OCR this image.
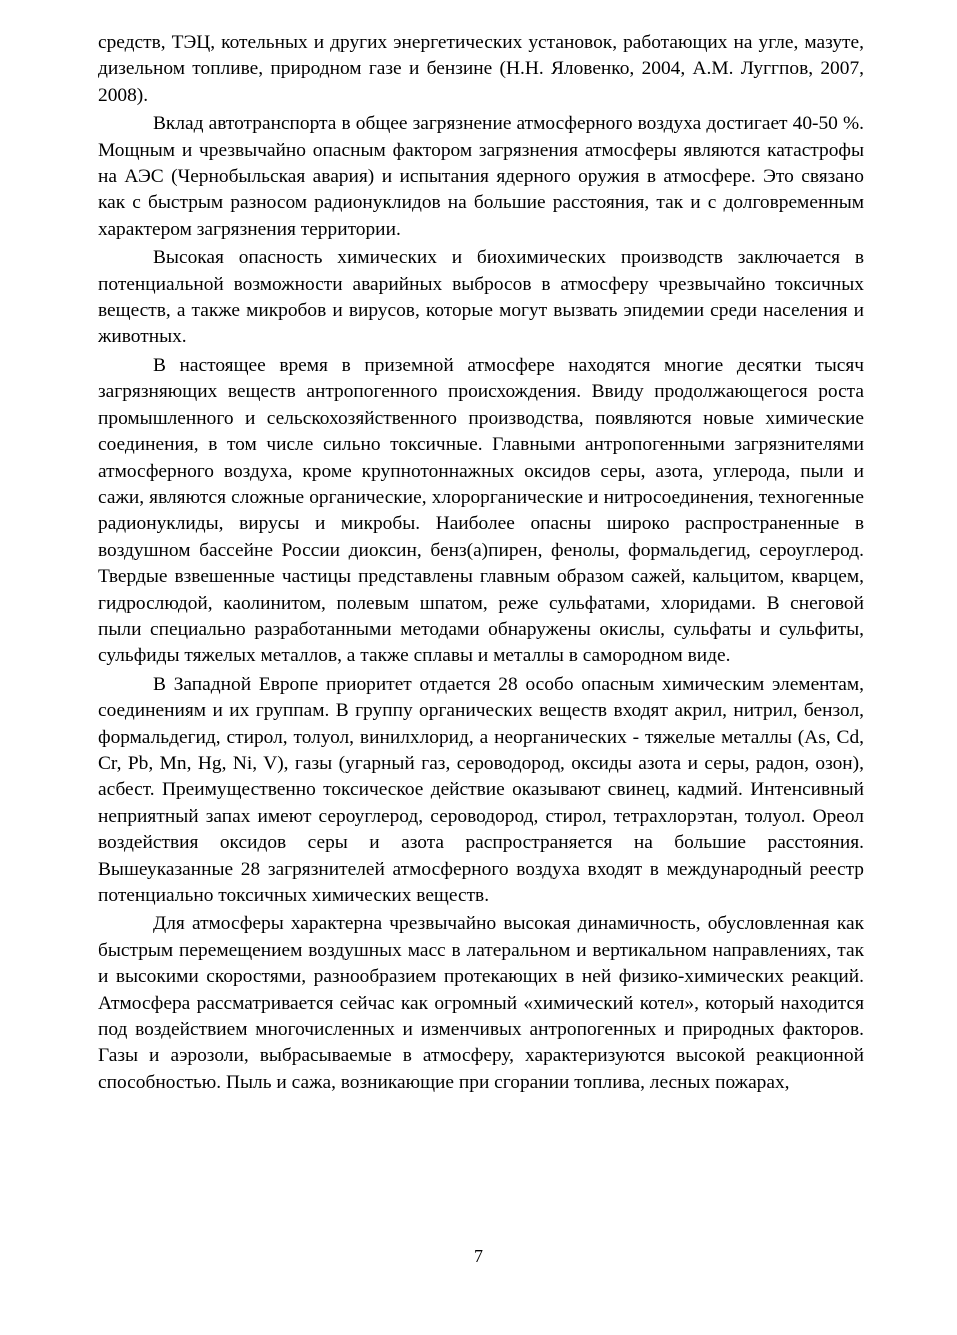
средств, ТЭЦ, котельных и других энергетических установок, работающих на угле, мазуте, дизельном топливе, природном газе и бензине (Н.Н. Яловенко, 2004, А.М. Луггпов, 2007, 2008).

Вклад автотранспорта в общее загрязнение атмосферного воздуха достигает 40-50 %. Мощным и чрезвычайно опасным фактором загрязнения атмосферы являются катастрофы на АЭС (Чернобыльская авария) и испытания ядерного оружия в атмосфере. Это связано как с быстрым разносом радионуклидов на большие расстояния, так и с долговременным характером загрязнения территории.

Высокая опасность химических и биохимических производств заключается в потенциальной возможности аварийных выбросов в атмосферу чрезвычайно токсичных веществ, а также микробов и вирусов, которые могут вызвать эпидемии среди населения и животных.

В настоящее время в приземной атмосфере находятся многие десятки тысяч загрязняющих веществ антропогенного происхождения. Ввиду продолжающегося роста промышленного и сельскохозяйственного производства, появляются новые химические соединения, в том числе сильно токсичные. Главными антропогенными загрязнителями атмосферного воздуха, кроме крупнотоннажных оксидов серы, азота, углерода, пыли и сажи, являются сложные органические, хлорорганические и нитросоединения, техногенные радионуклиды, вирусы и микробы. Наиболее опасны широко распространенные в воздушном бассейне России диоксин, бенз(а)пирен, фенолы, формальдегид, сероуглерод. Твердые взвешенные частицы представлены главным образом сажей, кальцитом, кварцем, гидрослюдой, каолинитом, полевым шпатом, реже сульфатами, хлоридами. В снеговой пыли специально разработанными методами обнаружены окислы, сульфаты и сульфиты, сульфиды тяжелых металлов, а также сплавы и металлы в самородном виде.

В Западной Европе приоритет отдается 28 особо опасным химическим элементам, соединениям и их группам. В группу органических веществ входят акрил, нитрил, бензол, формальдегид, стирол, толуол, винилхлорид, а неорганических - тяжелые металлы (As, Cd, Cr, Pb, Mn, Hg, Ni, V), газы (угарный газ, сероводород, оксиды азота и серы, радон, озон), асбест. Преимущественно токсическое действие оказывают свинец, кадмий. Интенсивный неприятный запах имеют сероуглерод, сероводород, стирол, тетрахлорэтан, толуол. Ореол воздействия оксидов серы и азота распространяется на большие расстояния. Вышеуказанные 28 загрязнителей атмосферного воздуха входят в международный реестр потенциально токсичных химических веществ.

Для атмосферы характерна чрезвычайно высокая динамичность, обусловленная как быстрым перемещением воздушных масс в латеральном и вертикальном направлениях, так и высокими скоростями, разнообразием протекающих в ней физико-химических реакций. Атмосфера рассматривается сейчас как огромный «химический котел», который находится под воздействием многочисленных и изменчивых антропогенных и природных факторов. Газы и аэрозоли, выбрасываемые в атмосферу, характеризуются высокой реакционной способностью. Пыль и сажа, возникающие при сгорании топлива, лесных пожарах,

7
